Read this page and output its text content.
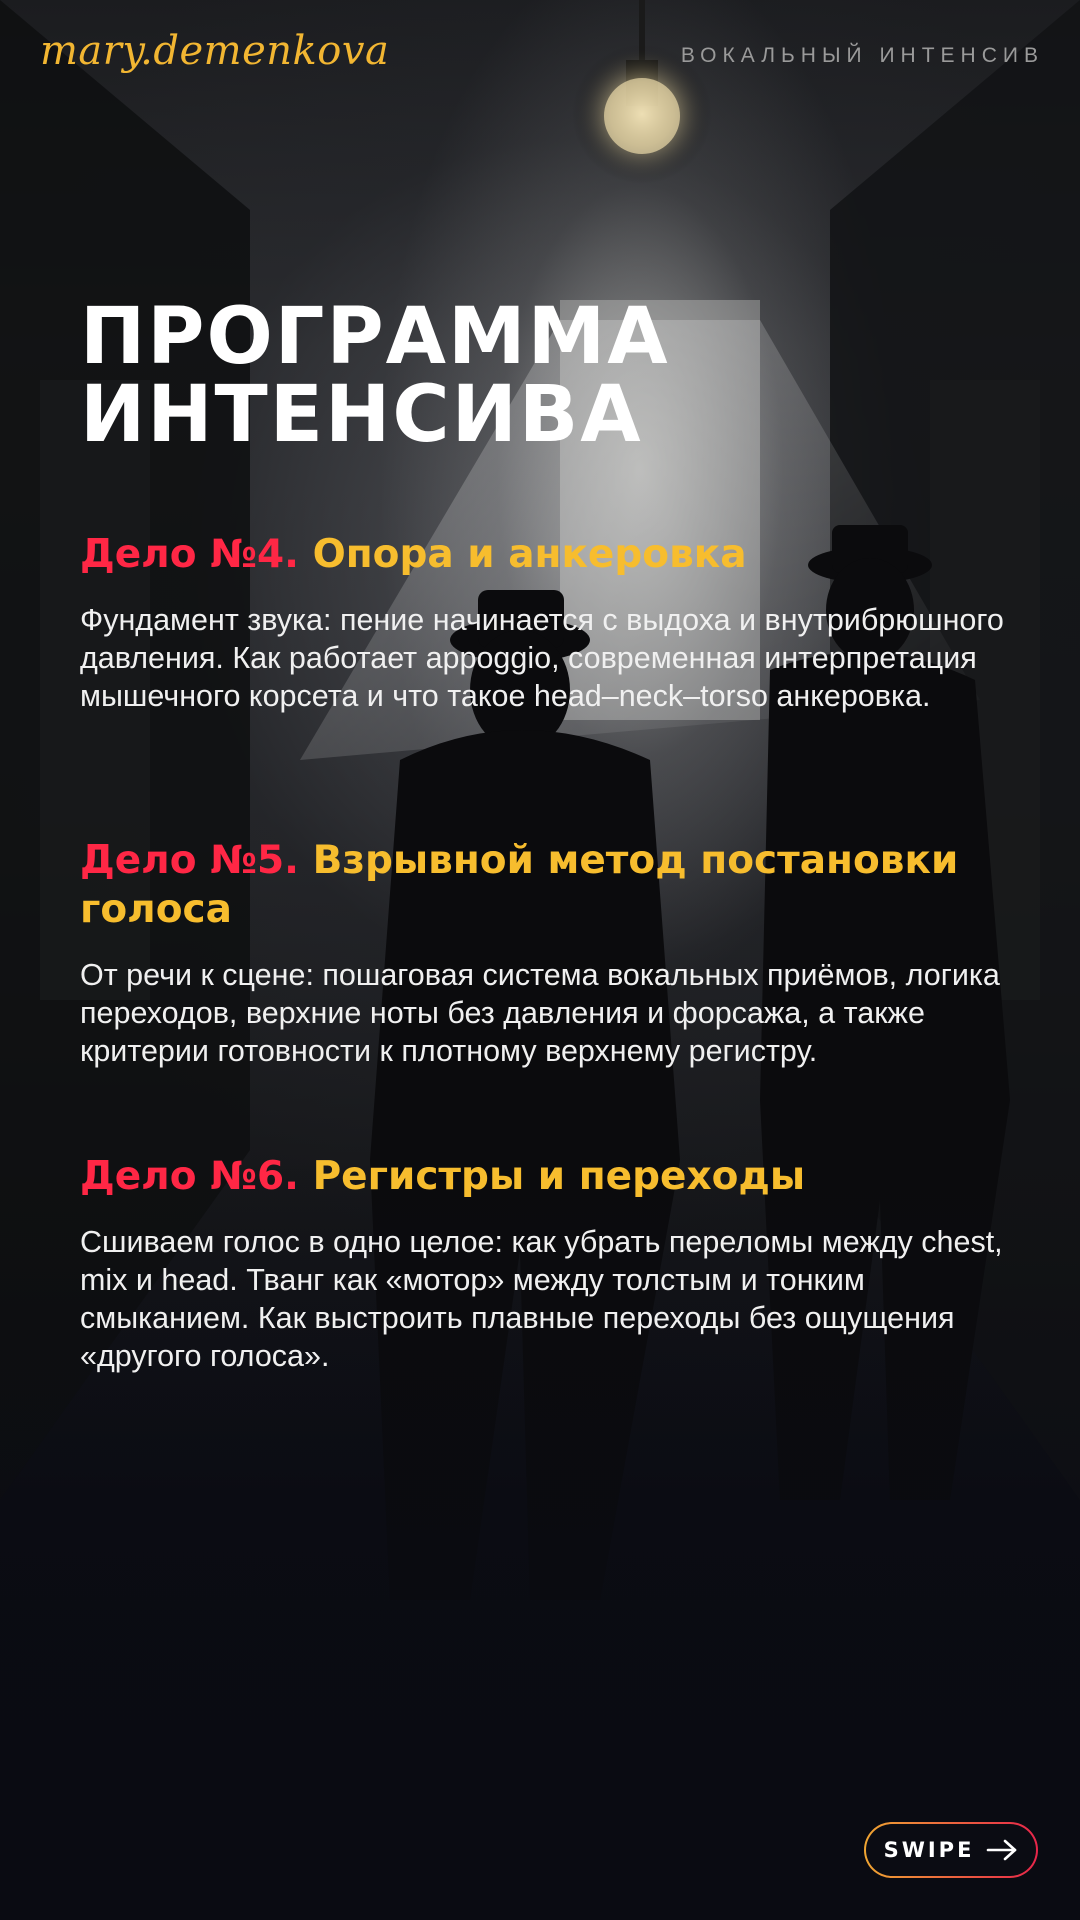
mary.demenkova	ВОКАЛЬНЫЙ ИНТЕНСИВ
ПРОГРАММА
ИНТЕНСИВА
Дело №4. Опора и анкеровка

Фундамент звука: пение начинается с выдоха и внутрибрюшного давления. Как работает appoggio, современная интерпретация мышечного корсета и что такое head–neck–torso анкеровка.

Дело №5. Взрывной метод постановки голоса

От речи к сцене: пошаговая система вокальных приёмов, логика переходов, верхние ноты без давления и форсажа, а также критерии готовности к плотному верхнему регистру.

Дело №6. Регистры и переходы

Сшиваем голос в одно целое: как убрать переломы между chest, mix и head. Тванг как «мотор» между толстым и тонким смыканием. Как выстроить плавные переходы без ощущения «другого голоса».

SWIPE
